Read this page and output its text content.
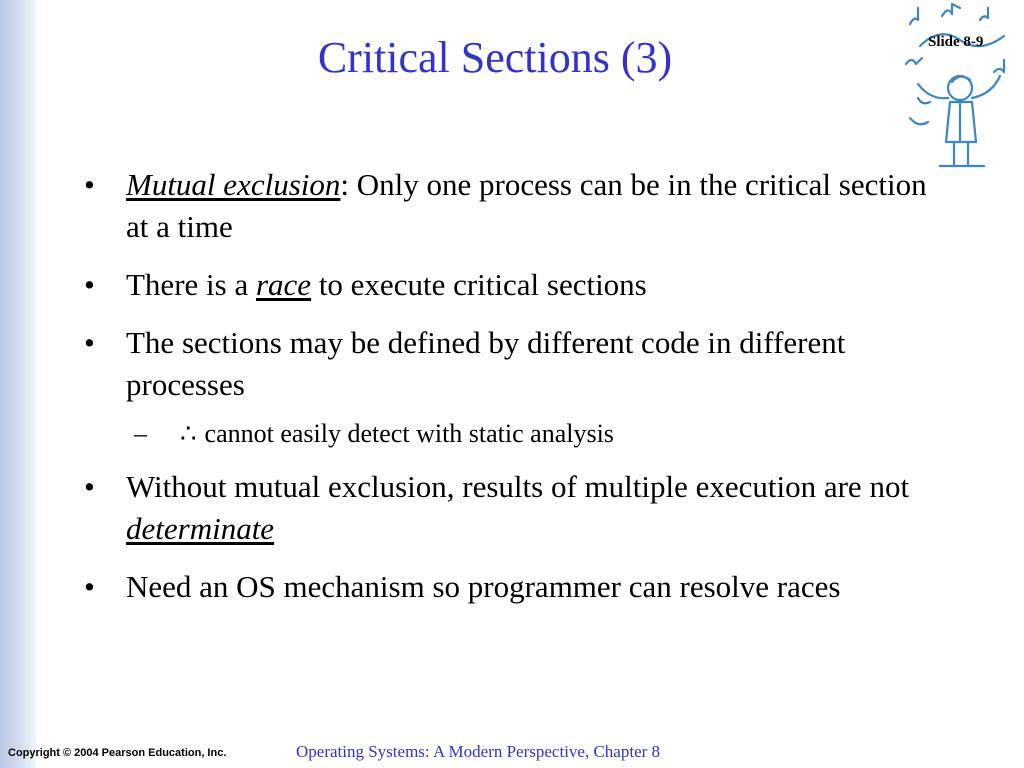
Critical Sections (3)	Slide 8-9
• Mutual exclusion: Only one process can be in the critical section at a time
• There is a race to execute critical sections
• The sections may be defined by different code in different processes
– ∴ cannot easily detect with static analysis
• Without mutual exclusion, results of multiple execution are not determinate
• Need an OS mechanism so programmer can resolve races
Copyright © 2004 Pearson Education, Inc.	Operating Systems: A Modern Perspective, Chapter 8
